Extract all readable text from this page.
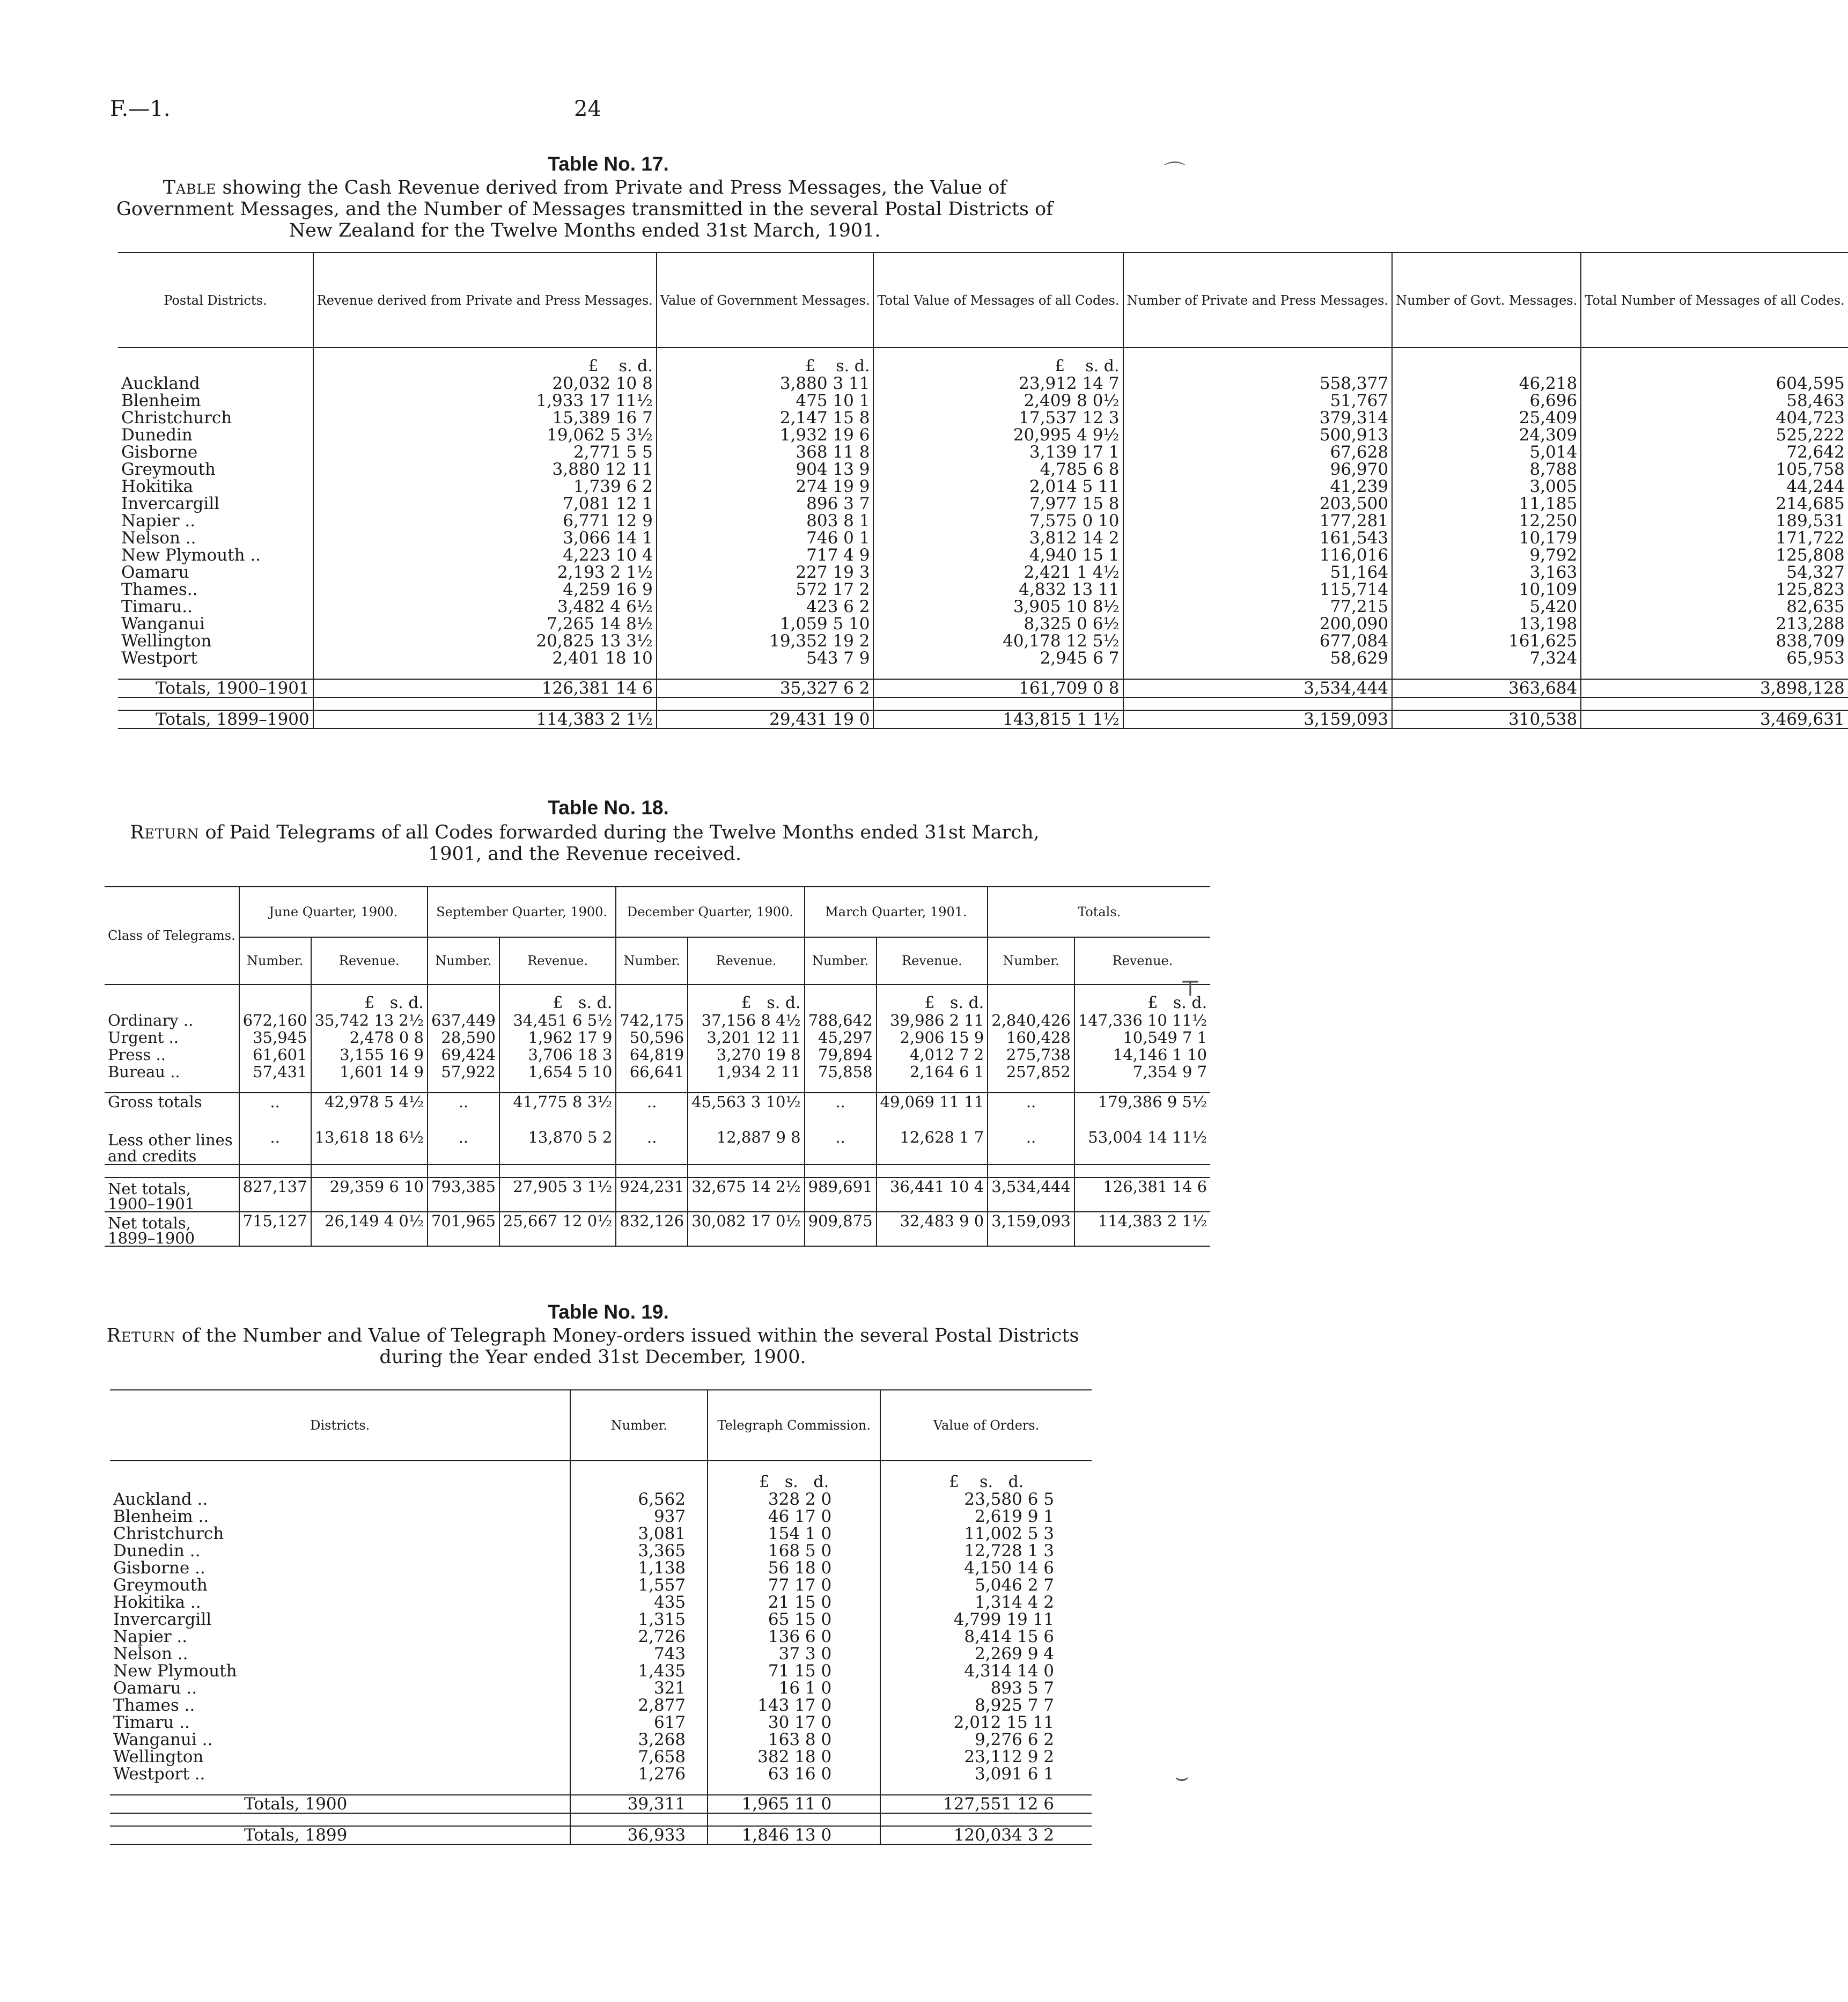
F.—1.	24
Table No. 17.
Table showing the Cash Revenue derived from Private and Press Messages, the Value of Government Messages, and the Number of Messages transmitted in the several Postal Districts of New Zealand for the Twelve Months ended 31st March, 1901.
Postal Districts.	Revenue derived from Private and Press Messages.	Value of Government Messages.	Total Value of Messages of all Codes.	Number of Private and Press Messages.	Number of Govt. Messages.	Total Number of Messages of all Codes.
	£ s. d.	£ s. d.	£ s. d.			
Auckland	20,032 10 8	3,880 3 11	23,912 14 7	558,377	46,218	604,595
Blenheim	1,933 17 11½	475 10 1	2,409 8 0½	51,767	6,696	58,463
Christchurch	15,389 16 7	2,147 15 8	17,537 12 3	379,314	25,409	404,723
Dunedin	19,062 5 3½	1,932 19 6	20,995 4 9½	500,913	24,309	525,222
Gisborne	2,771 5 5	368 11 8	3,139 17 1	67,628	5,014	72,642
Greymouth	3,880 12 11	904 13 9	4,785 6 8	96,970	8,788	105,758
Hokitika	1,739 6 2	274 19 9	2,014 5 11	41,239	3,005	44,244
Invercargill	7,081 12 1	896 3 7	7,977 15 8	203,500	11,185	214,685
Napier ..	6,771 12 9	803 8 1	7,575 0 10	177,281	12,250	189,531
Nelson ..	3,066 14 1	746 0 1	3,812 14 2	161,543	10,179	171,722
New Plymouth ..	4,223 10 4	717 4 9	4,940 15 1	116,016	9,792	125,808
Oamaru	2,193 2 1½	227 19 3	2,421 1 4½	51,164	3,163	54,327
Thames..	4,259 16 9	572 17 2	4,832 13 11	115,714	10,109	125,823
Timaru..	3,482 4 6½	423 6 2	3,905 10 8½	77,215	5,420	82,635
Wanganui	7,265 14 8½	1,059 5 10	8,325 0 6½	200,090	13,198	213,288
Wellington	20,825 13 3½	19,352 19 2	40,178 12 5½	677,084	161,625	838,709
Westport	2,401 18 10	543 7 9	2,945 6 7	58,629	7,324	65,953

Totals, 1900–1901	126,381 14 6	35,327 6 2	161,709 0 8	3,534,444	363,684	3,898,128

Totals, 1899–1900	114,383 2 1½	29,431 19 0	143,815 1 1½	3,159,093	310,538	3,469,631
Table No. 18.
Return of Paid Telegrams of all Codes forwarded during the Twelve Months ended 31st March, 1901, and the Revenue received.
Class of Telegrams.	June Quarter, 1900.		September Quarter, 1900.		December Quarter, 1900.		March Quarter, 1901.		Totals.	
	Number.	Revenue.	Number.	Revenue.	Number.	Revenue.	Number.	Revenue.	Number.	Revenue.
		£ s. d.		£ s. d.		£ s. d.		£ s. d.		£ s. d.
Ordinary ..	672,160	35,742 13 2½	637,449	34,451 6 5½	742,175	37,156 8 4½	788,642	39,986 2 11	2,840,426	147,336 10 11½
Urgent ..	35,945	2,478 0 8	28,590	1,962 17 9	50,596	3,201 12 11	45,297	2,906 15 9	160,428	10,549 7 1
Press ..	61,601	3,155 16 9	69,424	3,706 18 3	64,819	3,270 19 8	79,894	4,012 7 2	275,738	14,146 1 10
Bureau ..	57,431	1,601 14 9	57,922	1,654 5 10	66,641	1,934 2 11	75,858	2,164 6 1	257,852	7,354 9 7

Gross totals	..	42,978 5 4½	..	41,775 8 3½	..	45,563 3 10½	..	49,069 11 11	..	179,386 9 5½
Less other lines and credits	..	13,618 18 6½	..	13,870 5 2	..	12,887 9 8	..	12,628 1 7	..	53,004 14 11½

Net totals, 1900–1901	827,137	29,359 6 10	793,385	27,905 3 1½	924,231	32,675 14 2½	989,691	36,441 10 4	3,534,444	126,381 14 6
Net totals, 1899–1900	715,127	26,149 4 0½	701,965	25,667 12 0½	832,126	30,082 17 0½	909,875	32,483 9 0	3,159,093	114,383 2 1½
Table No. 19.
Return of the Number and Value of Telegraph Money-orders issued within the several Postal Districts during the Year ended 31st December, 1900.
Districts.	Number.	Telegraph Commission.	Value of Orders.
		£ s. d.	£ s. d.
Auckland ..	6,562	328 2 0	23,580 6 5
Blenheim ..	937	46 17 0	2,619 9 1
Christchurch	3,081	154 1 0	11,002 5 3
Dunedin ..	3,365	168 5 0	12,728 1 3
Gisborne ..	1,138	56 18 0	4,150 14 6
Greymouth	1,557	77 17 0	5,046 2 7
Hokitika ..	435	21 15 0	1,314 4 2
Invercargill	1,315	65 15 0	4,799 19 11
Napier ..	2,726	136 6 0	8,414 15 6
Nelson ..	743	37 3 0	2,269 9 4
New Plymouth	1,435	71 15 0	4,314 14 0
Oamaru ..	321	16 1 0	893 5 7
Thames ..	2,877	143 17 0	8,925 7 7
Timaru ..	617	30 17 0	2,012 15 11
Wanganui ..	3,268	163 8 0	9,276 6 2
Wellington	7,658	382 18 0	23,112 9 2
Westport ..	1,276	63 16 0	3,091 6 1

Totals, 1900	39,311	1,965 11 0	127,551 12 6

Totals, 1899	36,933	1,846 13 0	120,034 3 2
⌒
⊤
⌣
